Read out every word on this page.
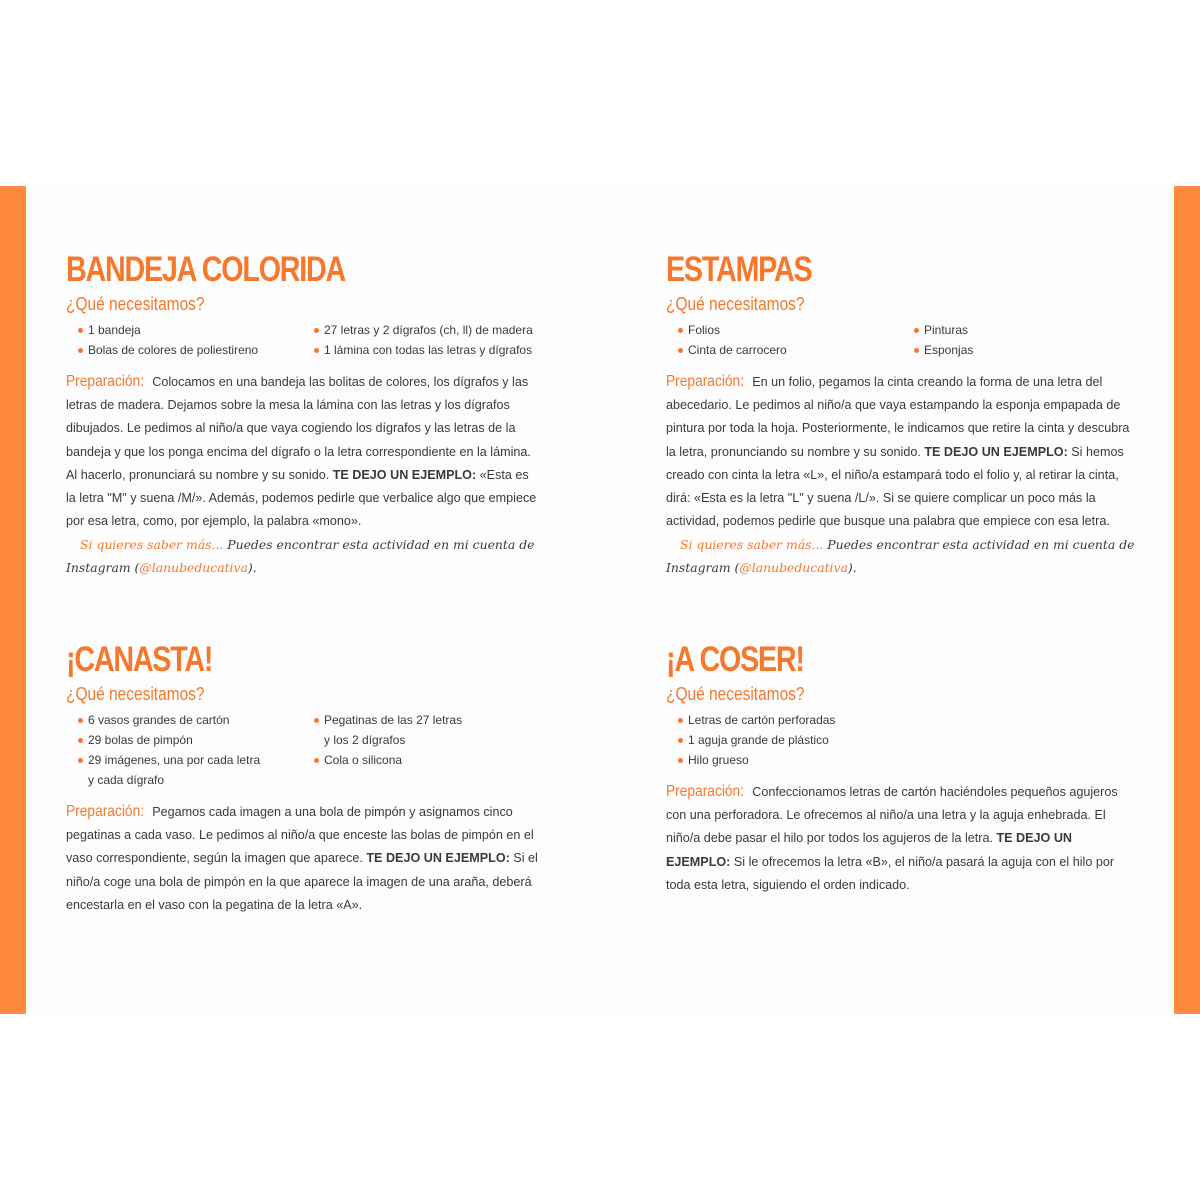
BANDEJA COLORIDA
¿Qué necesitamos?
1 bandeja	27 letras y 2 dígrafos (ch, ll) de madera
Bolas de colores de poliestireno	1 lámina con todas las letras y dígrafos

Preparación: Colocamos en una bandeja las bolitas de colores, los dígrafos y las letras de madera. Dejamos sobre la mesa la lámina con las letras y los dígrafos dibujados. Le pedimos al niño/a que vaya cogiendo los dígrafos y las letras de la bandeja y que los ponga encima del dígrafo o la letra correspondiente en la lámina. Al hacerlo, pronunciará su nombre y su sonido. TE DEJO UN EJEMPLO: «Esta es la letra "M" y suena /M/». Además, podemos pedirle que verbalice algo que empiece por esa letra, como, por ejemplo, la palabra «mono».

Si quieres saber más... Puedes encontrar esta actividad en mi cuenta de Instagram (@lanubeducativa).

ESTAMPAS
¿Qué necesitamos?
Folios	Pinturas
Cinta de carrocero	Esponjas

Preparación: En un folio, pegamos la cinta creando la forma de una letra del abecedario. Le pedimos al niño/a que vaya estampando la esponja empapada de pintura por toda la hoja. Posteriormente, le indicamos que retire la cinta y descubra la letra, pronunciando su nombre y su sonido. TE DEJO UN EJEMPLO: Si hemos creado con cinta la letra «L», el niño/a estampará todo el folio y, al retirar la cinta, dirá: «Esta es la letra "L" y suena /L/». Si se quiere complicar un poco más la actividad, podemos pedirle que busque una palabra que empiece con esa letra.

Si quieres saber más... Puedes encontrar esta actividad en mi cuenta de Instagram (@lanubeducativa).

¡CANASTA!
¿Qué necesitamos?
6 vasos grandes de cartón	Pegatinas de las 27 letras
y los 2 dígrafos
29 bolas de pimpón
Cola o silicona
29 imágenes, una por cada letra
y cada dígrafo

Preparación: Pegamos cada imagen a una bola de pimpón y asignamos cinco pegatinas a cada vaso. Le pedimos al niño/a que enceste las bolas de pimpón en el vaso correspondiente, según la imagen que aparece. TE DEJO UN EJEMPLO: Si el niño/a coge una bola de pimpón en la que aparece la imagen de una araña, deberá encestarla en el vaso con la pegatina de la letra «A».

¡A COSER!
¿Qué necesitamos?
Letras de cartón perforadas
1 aguja grande de plástico
Hilo grueso

Preparación: Confeccionamos letras de cartón haciéndoles pequeños agujeros con una perforadora. Le ofrecemos al niño/a una letra y la aguja enhebrada. El niño/a debe pasar el hilo por todos los agujeros de la letra. TE DEJO UN EJEMPLO: Si le ofrecemos la letra «B», el niño/a pasará la aguja con el hilo por toda esta letra, siguiendo el orden indicado.
